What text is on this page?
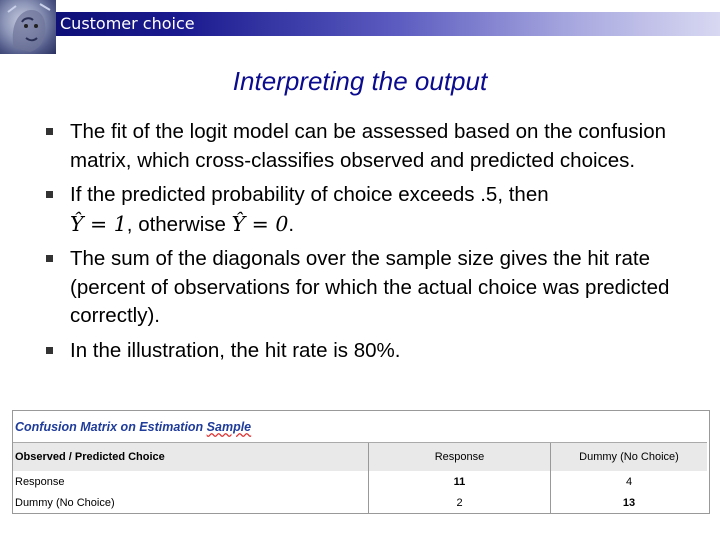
Customer choice
Interpreting the output
The fit of the logit model can be assessed based on the confusion matrix, which cross-classifies observed and predicted choices.
If the predicted probability of choice exceeds .5, then
Ŷ = 1, otherwise Ŷ = 0.
The sum of the diagonals over the sample size gives the hit rate (percent of observations for which the actual choice was predicted correctly).
In the illustration, the hit rate is 80%.
Confusion Matrix on Estimation Sample
Observed / Predicted Choice	Response	Dummy (No Choice)
Response	11	4
Dummy (No Choice)	2	13
